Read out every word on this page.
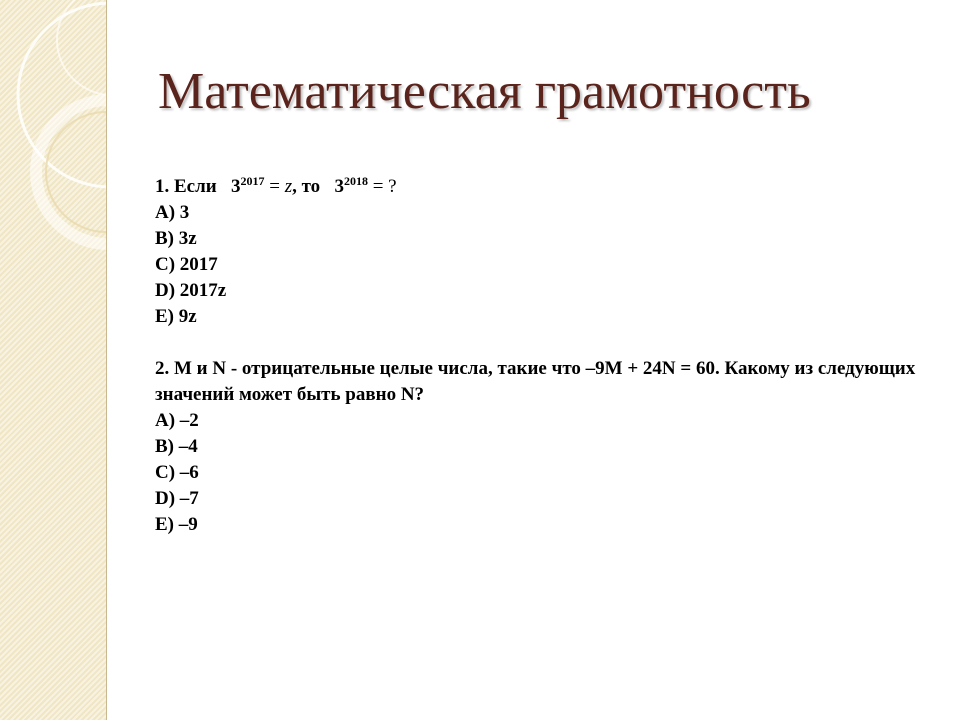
Математическая грамотность
1. Если $3^{2017} = z$, то $3^{2018}$ = ?
A) 3
B) 3z
C) 2017
D) 2017z
E) 9z
2. M и N - отрицательные целые числа, такие что –9M + 24N = 60. Какому из следующих значений может быть равно N?
A) –2
B) –4
C) –6
D) –7
E) –9
